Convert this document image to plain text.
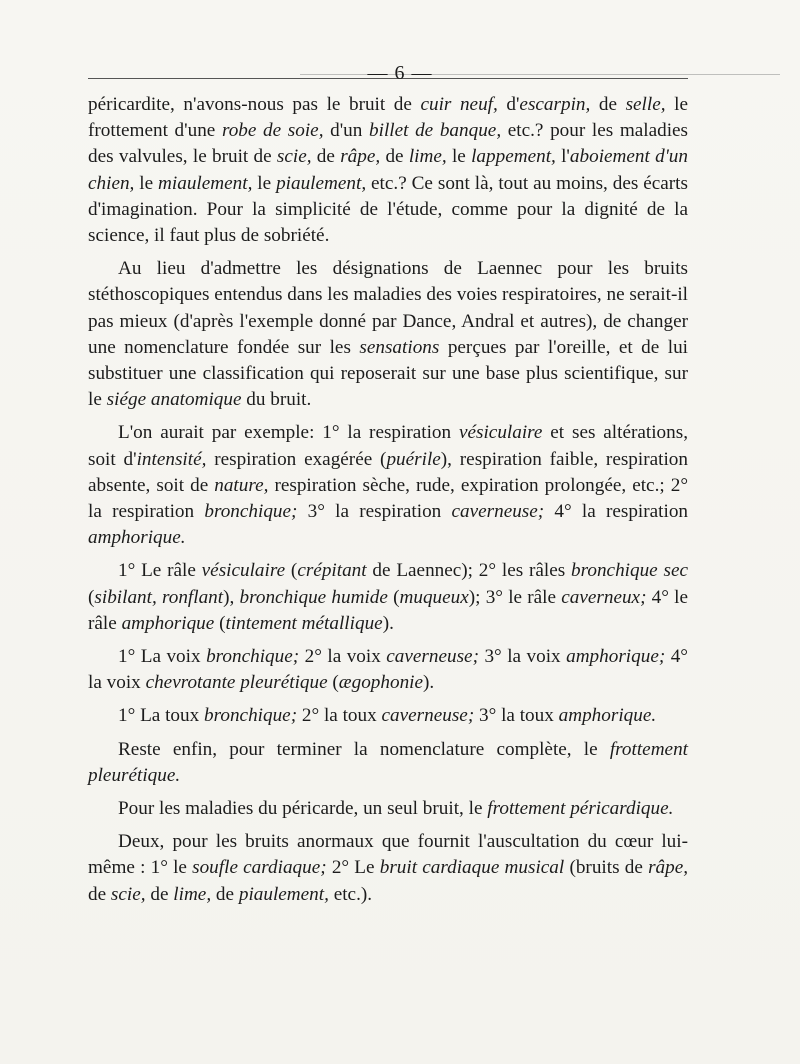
— 6 —

péricardite, n'avons-nous pas le bruit de cuir neuf, d'escarpin, de selle, le frottement d'une robe de soie, d'un billet de banque, etc.? pour les maladies des valvules, le bruit de scie, de râpe, de lime, le lappement, l'aboiement d'un chien, le miaulement, le piaulement, etc.? Ce sont là, tout au moins, des écarts d'imagination. Pour la simplicité de l'étude, comme pour la dignité de la science, il faut plus de sobriété.

Au lieu d'admettre les désignations de Laennec pour les bruits stéthoscopiques entendus dans les maladies des voies respiratoires, ne serait-il pas mieux (d'après l'exemple donné par Dance, Andral et autres), de changer une nomenclature fondée sur les sensations perçues par l'oreille, et de lui substituer une classification qui reposerait sur une base plus scientifique, sur le siége anatomique du bruit.

L'on aurait par exemple: 1° la respiration vésiculaire et ses altérations, soit d'intensité, respiration exagérée (puérile), respiration faible, respiration absente, soit de nature, respiration sèche, rude, expiration prolongée, etc.; 2° la respiration bronchique; 3° la respiration caverneuse; 4° la respiration amphorique.

1° Le râle vésiculaire (crépitant de Laennec); 2° les râles bronchique sec (sibilant, ronflant), bronchique humide (muqueux); 3° le râle caverneux; 4° le râle amphorique (tintement métallique).

1° La voix bronchique; 2° la voix caverneuse; 3° la voix amphorique; 4° la voix chevrotante pleurétique (ægophonie).

1° La toux bronchique; 2° la toux caverneuse; 3° la toux amphorique.

Reste enfin, pour terminer la nomenclature complète, le frottement pleurétique.

Pour les maladies du péricarde, un seul bruit, le frottement péricardique.

Deux, pour les bruits anormaux que fournit l'auscultation du cœur lui-même : 1° le soufle cardiaque; 2° Le bruit cardiaque musical (bruits de râpe, de scie, de lime, de piaulement, etc.).
